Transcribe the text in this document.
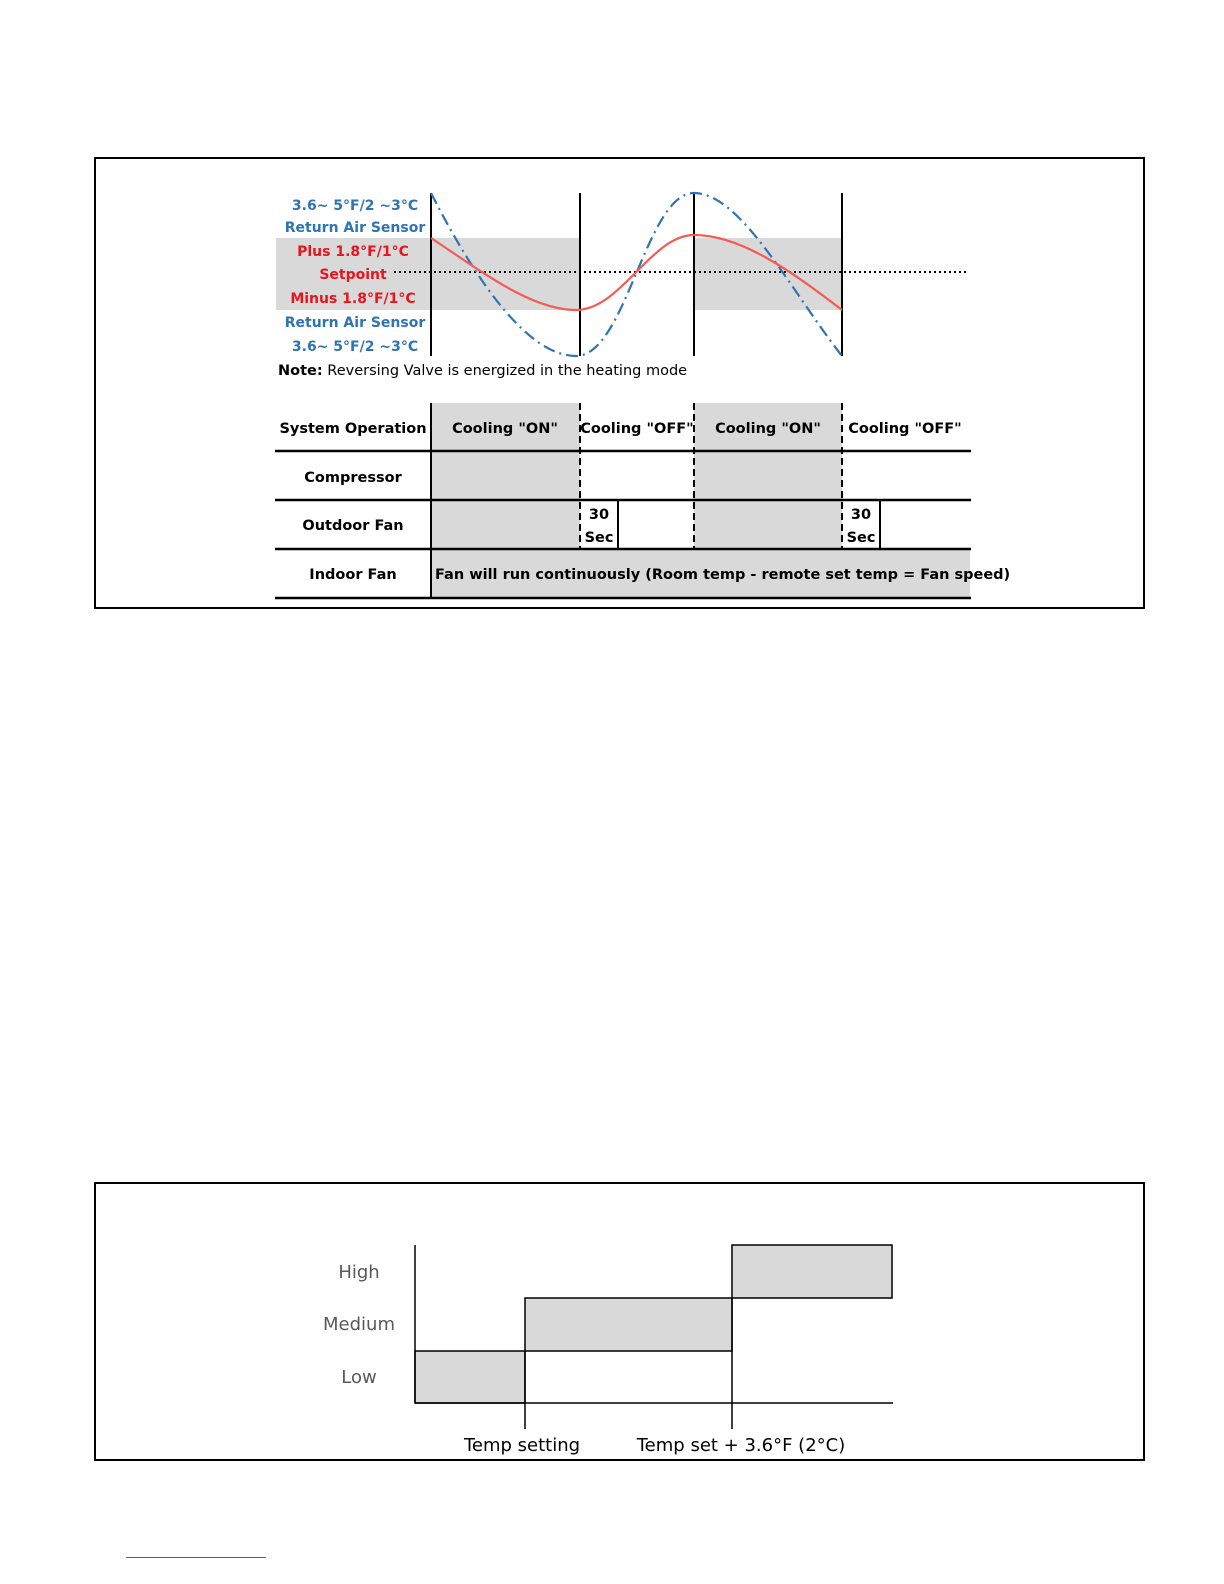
3.6~ 5°F/2 ~3°C
Return Air Sensor
Plus 1.8°F/1°C
Setpoint
Minus 1.8°F/1°C
Return Air Sensor
3.6~ 5°F/2 ~3°C
Note: Reversing Valve is energized in the heating mode
System Operation
Compressor
Outdoor Fan
Indoor Fan
Cooling "ON" Cooling "OFF" Cooling "ON" Cooling "OFF"
30
Sec
30
Sec
Fan will run continuously (Room temp - remote set temp = Fan speed)
High
Medium
Low
Temp setting	Temp set + 3.6°F (2°C)
